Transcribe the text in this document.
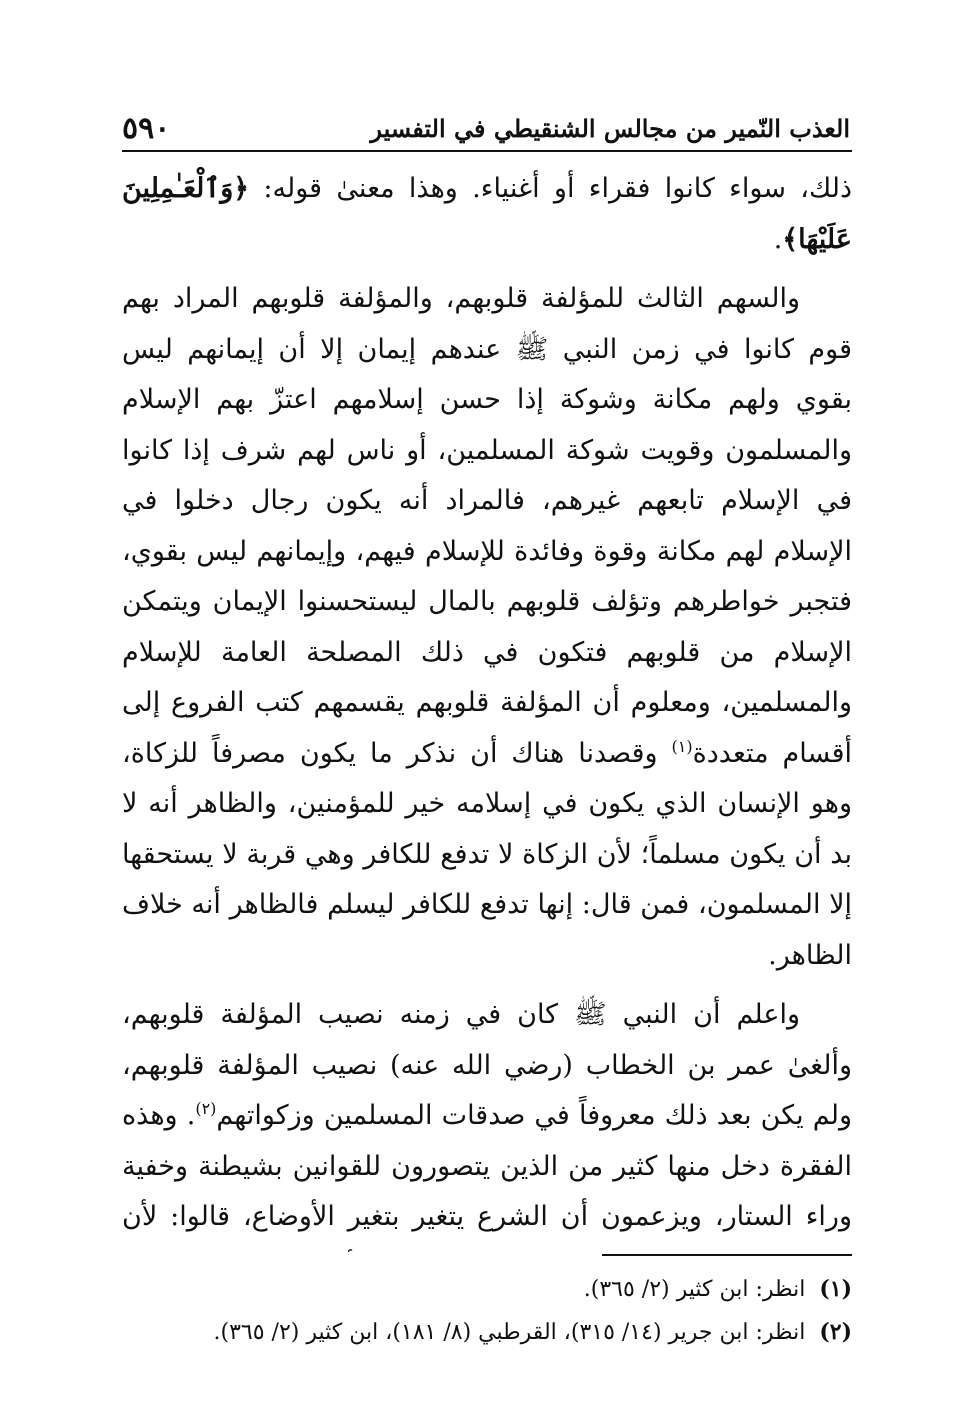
العذب النّمير من مجالس الشنقيطي في التفسير
٥٩٠

ذلك، سواء كانوا فقراء أو أغنياء. وهذا معنىٰ قوله: ﴿وَٱلْعَـٰمِلِينَ عَلَيْهَا﴾.

والسهم الثالث للمؤلفة قلوبهم، والمؤلفة قلوبهم المراد بهم قوم كانوا في زمن النبي ﷺ عندهم إيمان إلا أن إيمانهم ليس بقوي ولهم مكانة وشوكة إذا حسن إسلامهم اعتزّ بهم الإسلام والمسلمون وقويت شوكة المسلمين، أو ناس لهم شرف إذا كانوا في الإسلام تابعهم غيرهم، فالمراد أنه يكون رجال دخلوا في الإسلام لهم مكانة وقوة وفائدة للإسلام فيهم، وإيمانهم ليس بقوي، فتجبر خواطرهم وتؤلف قلوبهم بالمال ليستحسنوا الإيمان ويتمكن الإسلام من قلوبهم فتكون في ذلك المصلحة العامة للإسلام والمسلمين، ومعلوم أن المؤلفة قلوبهم يقسمهم كتب الفروع إلى أقسام متعددة$^{(١)}$ وقصدنا هناك أن نذكر ما يكون مصرفاً للزكاة، وهو الإنسان الذي يكون في إسلامه خير للمؤمنين، والظاهر أنه لا بد أن يكون مسلماً؛ لأن الزكاة لا تدفع للكافر وهي قربة لا يستحقها إلا المسلمون، فمن قال: إنها تدفع للكافر ليسلم فالظاهر أنه خلاف الظاهر.

واعلم أن النبي ﷺ كان في زمنه نصيب المؤلفة قلوبهم، وألغىٰ عمر بن الخطاب (رضي الله عنه) نصيب المؤلفة قلوبهم، ولم يكن بعد ذلك معروفاً في صدقات المسلمين وزكواتهم$^{(٢)}$. وهذه الفقرة دخل منها كثير من الذين يتصورون للقوانين بشيطنة وخفية وراء الستار، ويزعمون أن الشرع يتغير بتغير الأوضاع، قالوا: لأن

(١)
انظر: ابن كثير (٢/ ٣٦٥).
(٢)
انظر: ابن جرير (١٤/ ٣١٥)، القرطبي (٨/ ١٨١)، ابن كثير (٢/ ٣٦٥).
